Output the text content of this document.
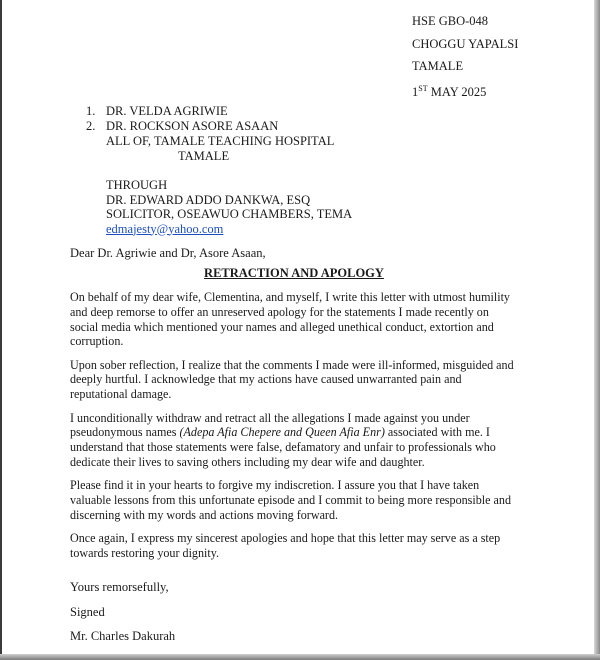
HSE GBO-048
CHOGGU YAPALSI
TAMALE
1ST MAY 2025
1. DR. VELDA AGRIWIE
2. DR. ROCKSON ASORE ASAAN
ALL OF, TAMALE TEACHING HOSPITAL
TAMALE
THROUGH
DR. EDWARD ADDO DANKWA, ESQ
SOLICITOR, OSEAWUO CHAMBERS, TEMA
edmajesty@yahoo.com
Dear Dr. Agriwie and Dr, Asore Asaan,
RETRACTION AND APOLOGY

On behalf of my dear wife, Clementina, and myself, I write this letter with utmost humility and deep remorse to offer an unreserved apology for the statements I made recently on social media which mentioned your names and alleged unethical conduct, extortion and corruption.

Upon sober reflection, I realize that the comments I made were ill-informed, misguided and deeply hurtful. I acknowledge that my actions have caused unwarranted pain and reputational damage.

I unconditionally withdraw and retract all the allegations I made against you under pseudonymous names (Adepa Afia Chepere and Queen Afia Enr) associated with me. I understand that those statements were false, defamatory and unfair to professionals who dedicate their lives to saving others including my dear wife and daughter.

Please find it in your hearts to forgive my indiscretion. I assure you that I have taken valuable lessons from this unfortunate episode and I commit to being more responsible and discerning with my words and actions moving forward.

Once again, I express my sincerest apologies and hope that this letter may serve as a step towards restoring your dignity.

Yours remorsefully,
Signed
Mr. Charles Dakurah
